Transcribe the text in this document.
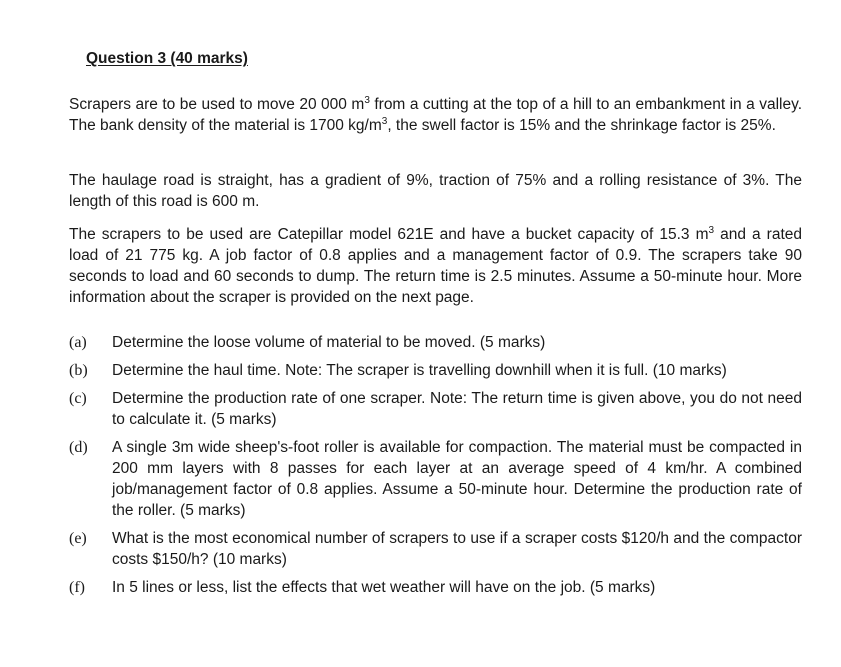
Question 3 (40 marks)

Scrapers are to be used to move 20 000 $m^3$ from a cutting at the top of a hill to an embankment in a valley. The bank density of the material is 1700 $kg/m^3$, the swell factor is 15% and the shrinkage factor is 25%.

The haulage road is straight, has a gradient of 9%, traction of 75% and a rolling resistance of 3%. The length of this road is 600 m.

The scrapers to be used are Catepillar model 621E and have a bucket capacity of 15.3 $m^3$ and a rated load of 21 775 kg. A job factor of 0.8 applies and a management factor of 0.9. The scrapers take 90 seconds to load and 60 seconds to dump. The return time is 2.5 minutes. Assume a 50-minute hour. More information about the scraper is provided on the next page.

(a)	Determine the loose volume of material to be moved. (5 marks)
(b)	Determine the haul time. Note: The scraper is travelling downhill when it is full. (10 marks)
(c)	Determine the production rate of one scraper. Note: The return time is given above, you do not need to calculate it. (5 marks)
(d)	A single 3m wide sheep's-foot roller is available for compaction. The material must be compacted in 200 mm layers with 8 passes for each layer at an average speed of 4 km/hr. A combined job/management factor of 0.8 applies. Assume a 50-minute hour. Determine the production rate of the roller. (5 marks)
(e)	What is the most economical number of scrapers to use if a scraper costs $120/h and the compactor costs $150/h? (10 marks)
(f)	In 5 lines or less, list the effects that wet weather will have on the job. (5 marks)
